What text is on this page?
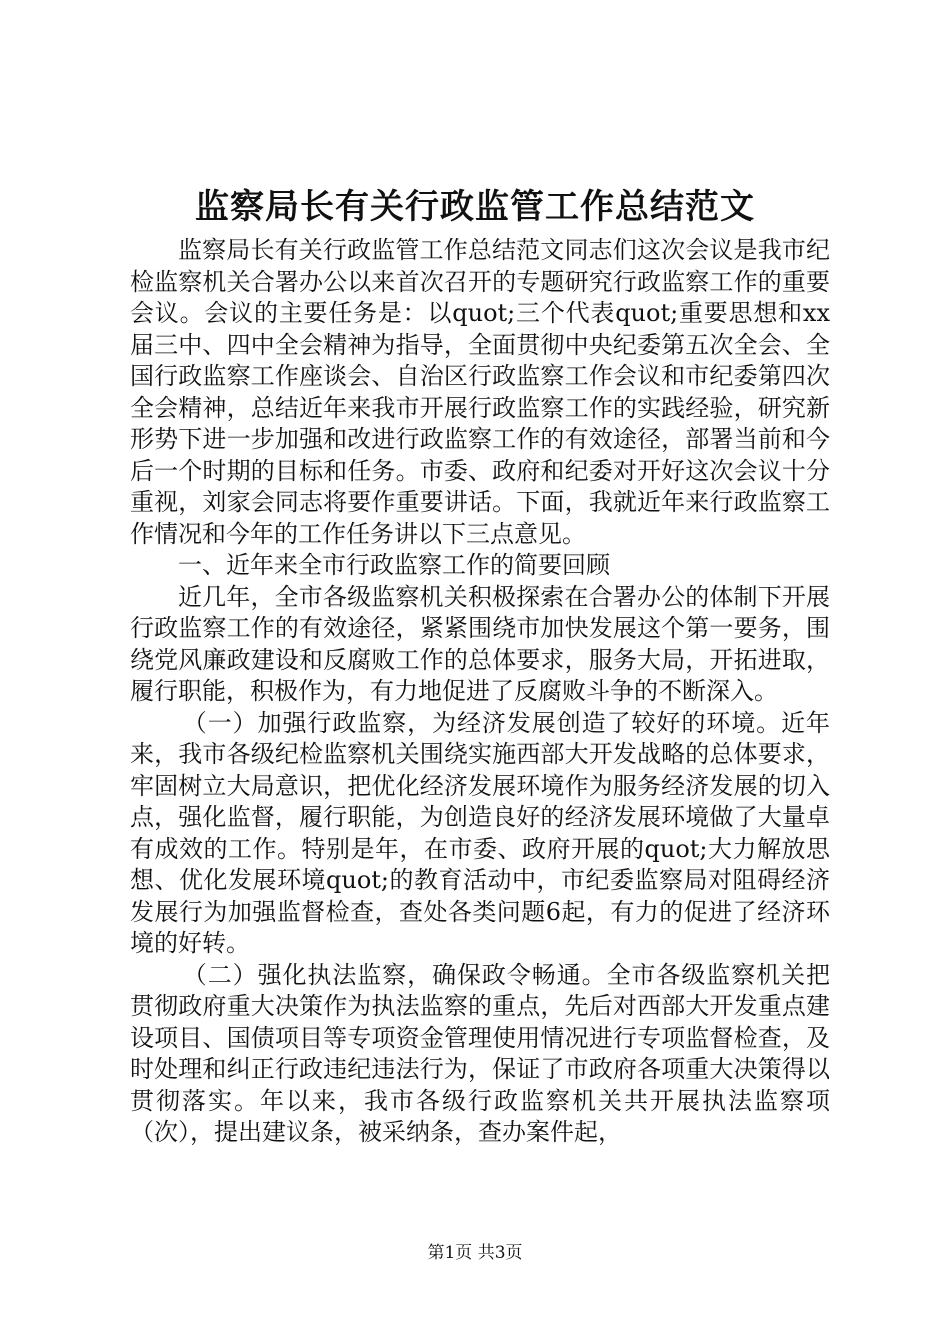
监察局长有关行政监管工作总结范文

监察局长有关行政监管工作总结范文同志们这次会议是我市纪检监察机关合署办公以来首次召开的专题研究行政监察工作的重要会议。会议的主要任务是：以quot;三个代表quot;重要思想和xx届三中、四中全会精神为指导，全面贯彻中央纪委第五次全会、全国行政监察工作座谈会、自治区行政监察工作会议和市纪委第四次全会精神，总结近年来我市开展行政监察工作的实践经验，研究新形势下进一步加强和改进行政监察工作的有效途径，部署当前和今后一个时期的目标和任务。市委、政府和纪委对开好这次会议十分重视，刘家会同志将要作重要讲话。下面，我就近年来行政监察工作情况和今年的工作任务讲以下三点意见。

一、近年来全市行政监察工作的简要回顾

近几年，全市各级监察机关积极探索在合署办公的体制下开展行政监察工作的有效途径，紧紧围绕市加快发展这个第一要务，围绕党风廉政建设和反腐败工作的总体要求，服务大局，开拓进取，履行职能，积极作为，有力地促进了反腐败斗争的不断深入。

（一）加强行政监察，为经济发展创造了较好的环境。近年来，我市各级纪检监察机关围绕实施西部大开发战略的总体要求，牢固树立大局意识，把优化经济发展环境作为服务经济发展的切入点，强化监督，履行职能，为创造良好的经济发展环境做了大量卓有成效的工作。特别是年，在市委、政府开展的quot;大力解放思想、优化发展环境quot;的教育活动中，市纪委监察局对阻碍经济发展行为加强监督检查，查处各类问题6起，有力的促进了经济环境的好转。

（二）强化执法监察，确保政令畅通。全市各级监察机关把贯彻政府重大决策作为执法监察的重点，先后对西部大开发重点建设项目、国债项目等专项资金管理使用情况进行专项监督检查，及时处理和纠正行政违纪违法行为，保证了市政府各项重大决策得以贯彻落实。年以来，我市各级行政监察机关共开展执法监察项（次），提出建议条，被采纳条，查办案件起，

第1页 共3页
